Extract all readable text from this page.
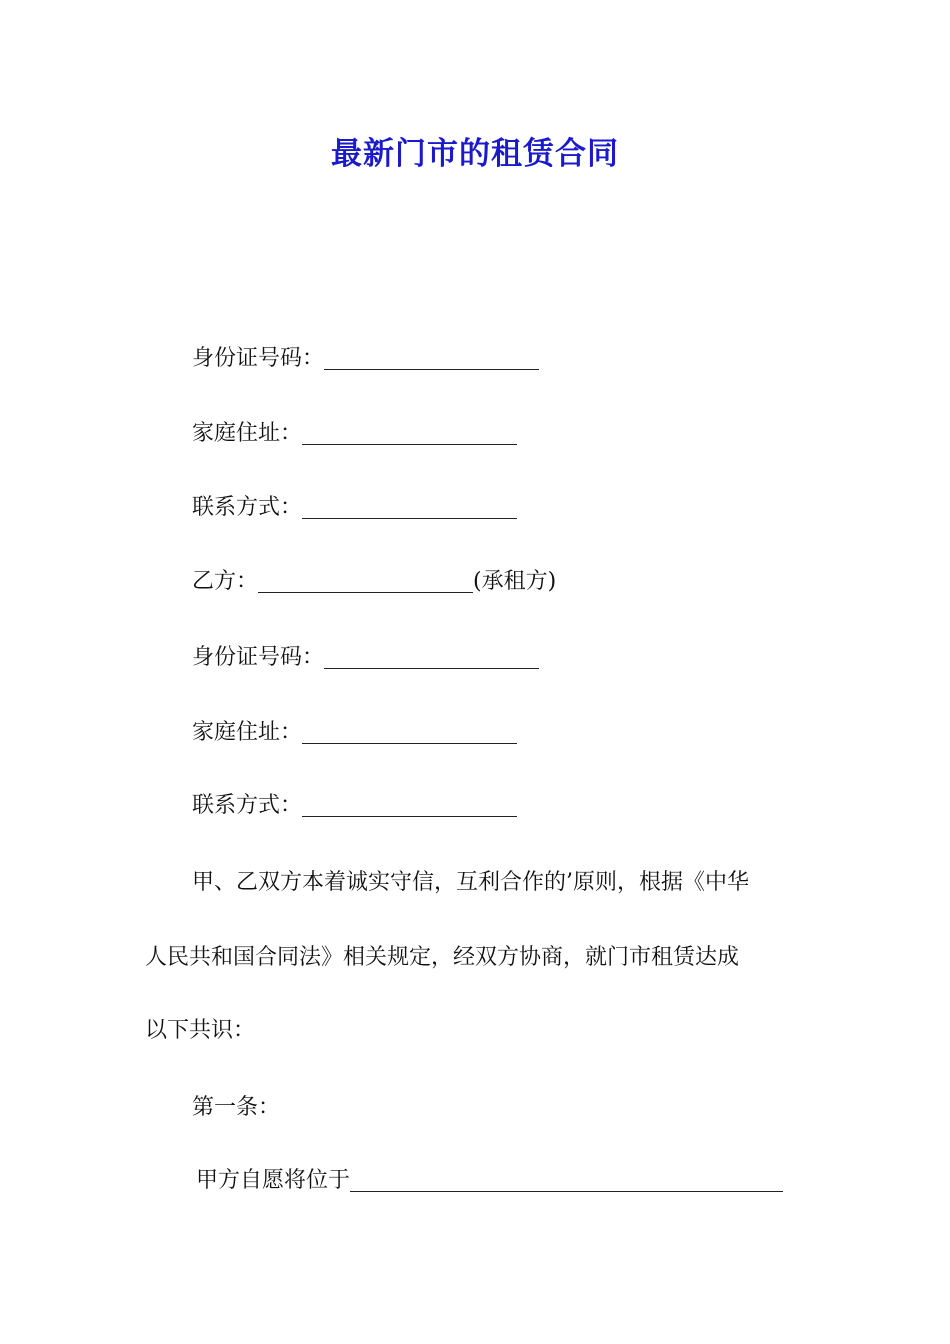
最新门市的租赁合同
身份证号码：
家庭住址：
联系方式：
乙方：	(承租方)
身份证号码：
家庭住址：
联系方式：
甲、乙双方本着诚实守信，互利合作的’原则，根据《中华
人民共和国合同法》相关规定，经双方协商，就门市租赁达成
以下共识：
第一条：
甲方自愿将位于
